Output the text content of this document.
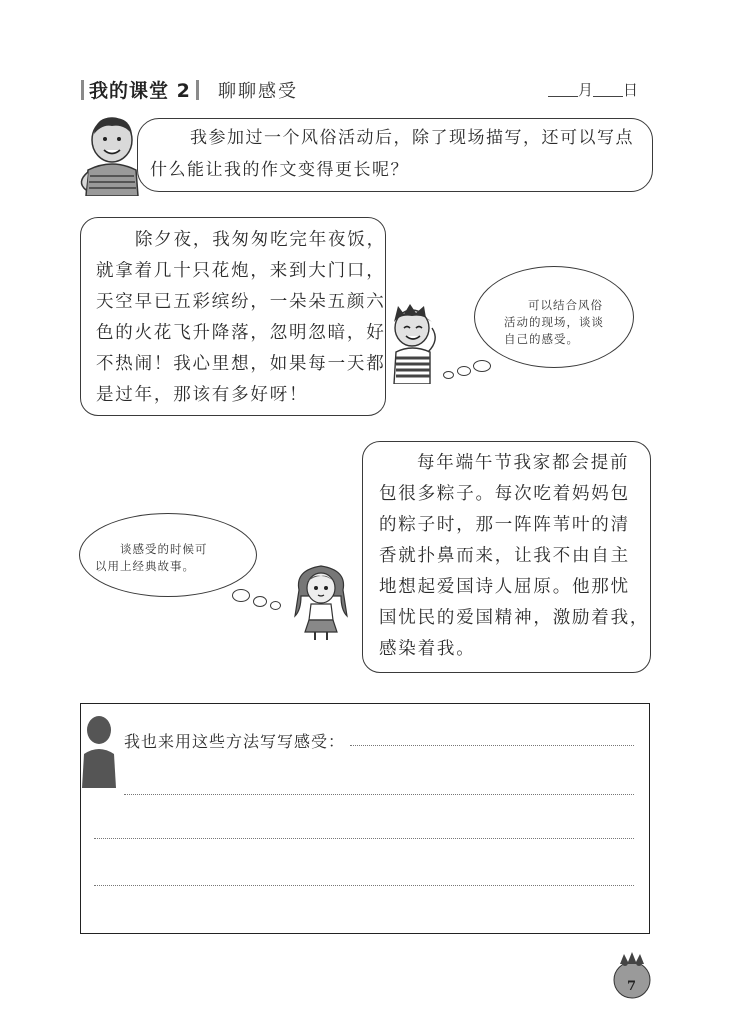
我的课堂 2	聊聊感受	月 日
我参加过一个风俗活动后，除了现场描写，还可以写点
什么能让我的作文变得更长呢？
除夕夜，我匆匆吃完年夜饭，
就拿着几十只花炮，来到大门口，
天空早已五彩缤纷，一朵朵五颜六
色的火花飞升降落，忽明忽暗，好
不热闹！我心里想，如果每一天都
是过年，那该有多好呀！
可以结合风俗
活动的现场，谈谈
自己的感受。
每年端午节我家都会提前
包很多粽子。每次吃着妈妈包
的粽子时，那一阵阵苇叶的清
香就扑鼻而来，让我不由自主
地想起爱国诗人屈原。他那忧
国忧民的爱国精神，激励着我，
感染着我。
谈感受的时候可
以用上经典故事。
我也来用这些方法写写感受：
7
